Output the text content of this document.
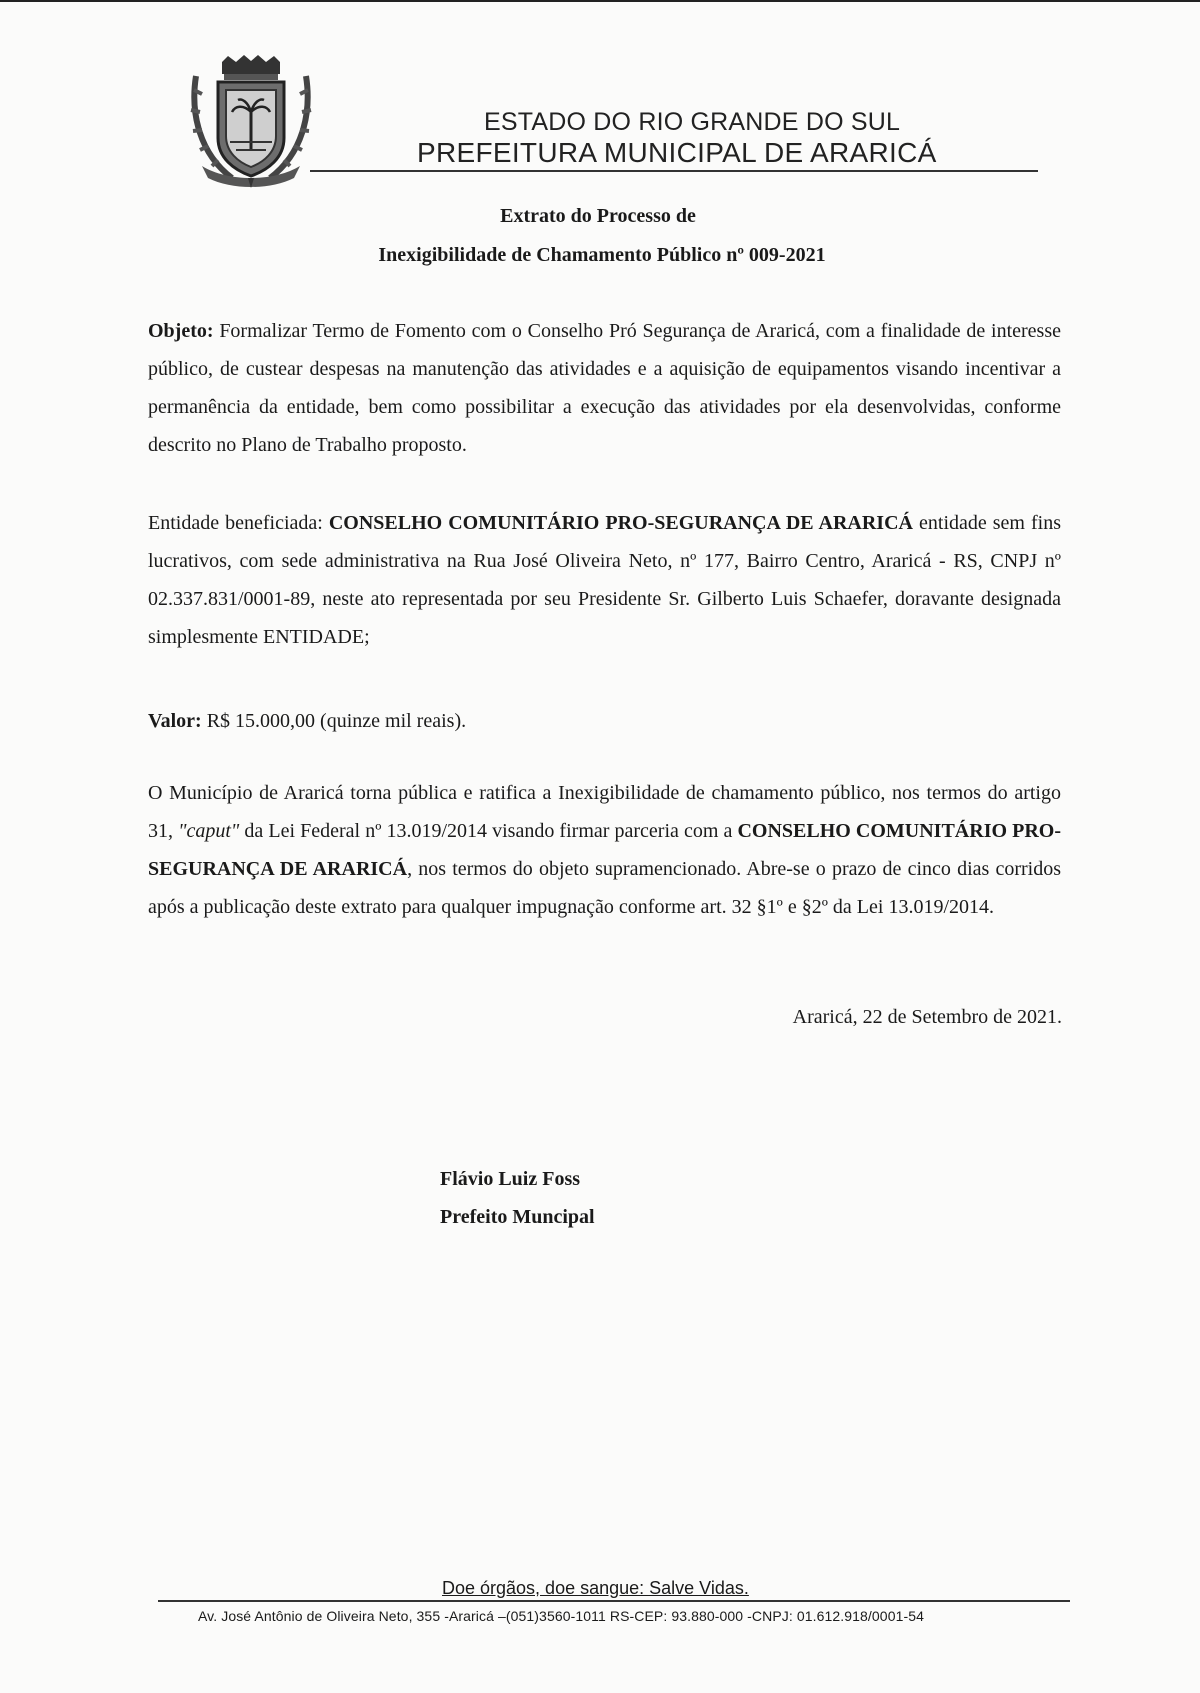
ESTADO DO RIO GRANDE DO SUL
PREFEITURA MUNICIPAL DE ARARICÁ
Extrato do Processo de
Inexigibilidade de Chamamento Público nº 009-2021

Objeto: Formalizar Termo de Fomento com o Conselho Pró Segurança de Araricá, com a finalidade de interesse público, de custear despesas na manutenção das atividades e a aquisição de equipamentos visando incentivar a permanência da entidade, bem como possibilitar a execução das atividades por ela desenvolvidas, conforme descrito no Plano de Trabalho proposto.

Entidade beneficiada: CONSELHO COMUNITÁRIO PRO-SEGURANÇA DE ARARICÁ entidade sem fins lucrativos, com sede administrativa na Rua José Oliveira Neto, nº 177, Bairro Centro, Araricá - RS, CNPJ nº 02.337.831/0001-89, neste ato representada por seu Presidente Sr. Gilberto Luis Schaefer, doravante designada simplesmente ENTIDADE;

Valor: R$ 15.000,00 (quinze mil reais).

O Município de Araricá torna pública e ratifica a Inexigibilidade de chamamento público, nos termos do artigo 31, "caput" da Lei Federal nº 13.019/2014 visando firmar parceria com a CONSELHO COMUNITÁRIO PRO-SEGURANÇA DE ARARICÁ, nos termos do objeto supramencionado. Abre-se o prazo de cinco dias corridos após a publicação deste extrato para qualquer impugnação conforme art. 32 §1º e §2º da Lei 13.019/2014.

Araricá, 22 de Setembro de 2021.
Flávio Luiz Foss
Prefeito Muncipal
Doe órgãos, doe sangue: Salve Vidas.
Av. José Antônio de Oliveira Neto, 355 -Araricá –(051)3560-1011 RS-CEP: 93.880-000 -CNPJ: 01.612.918/0001-54
